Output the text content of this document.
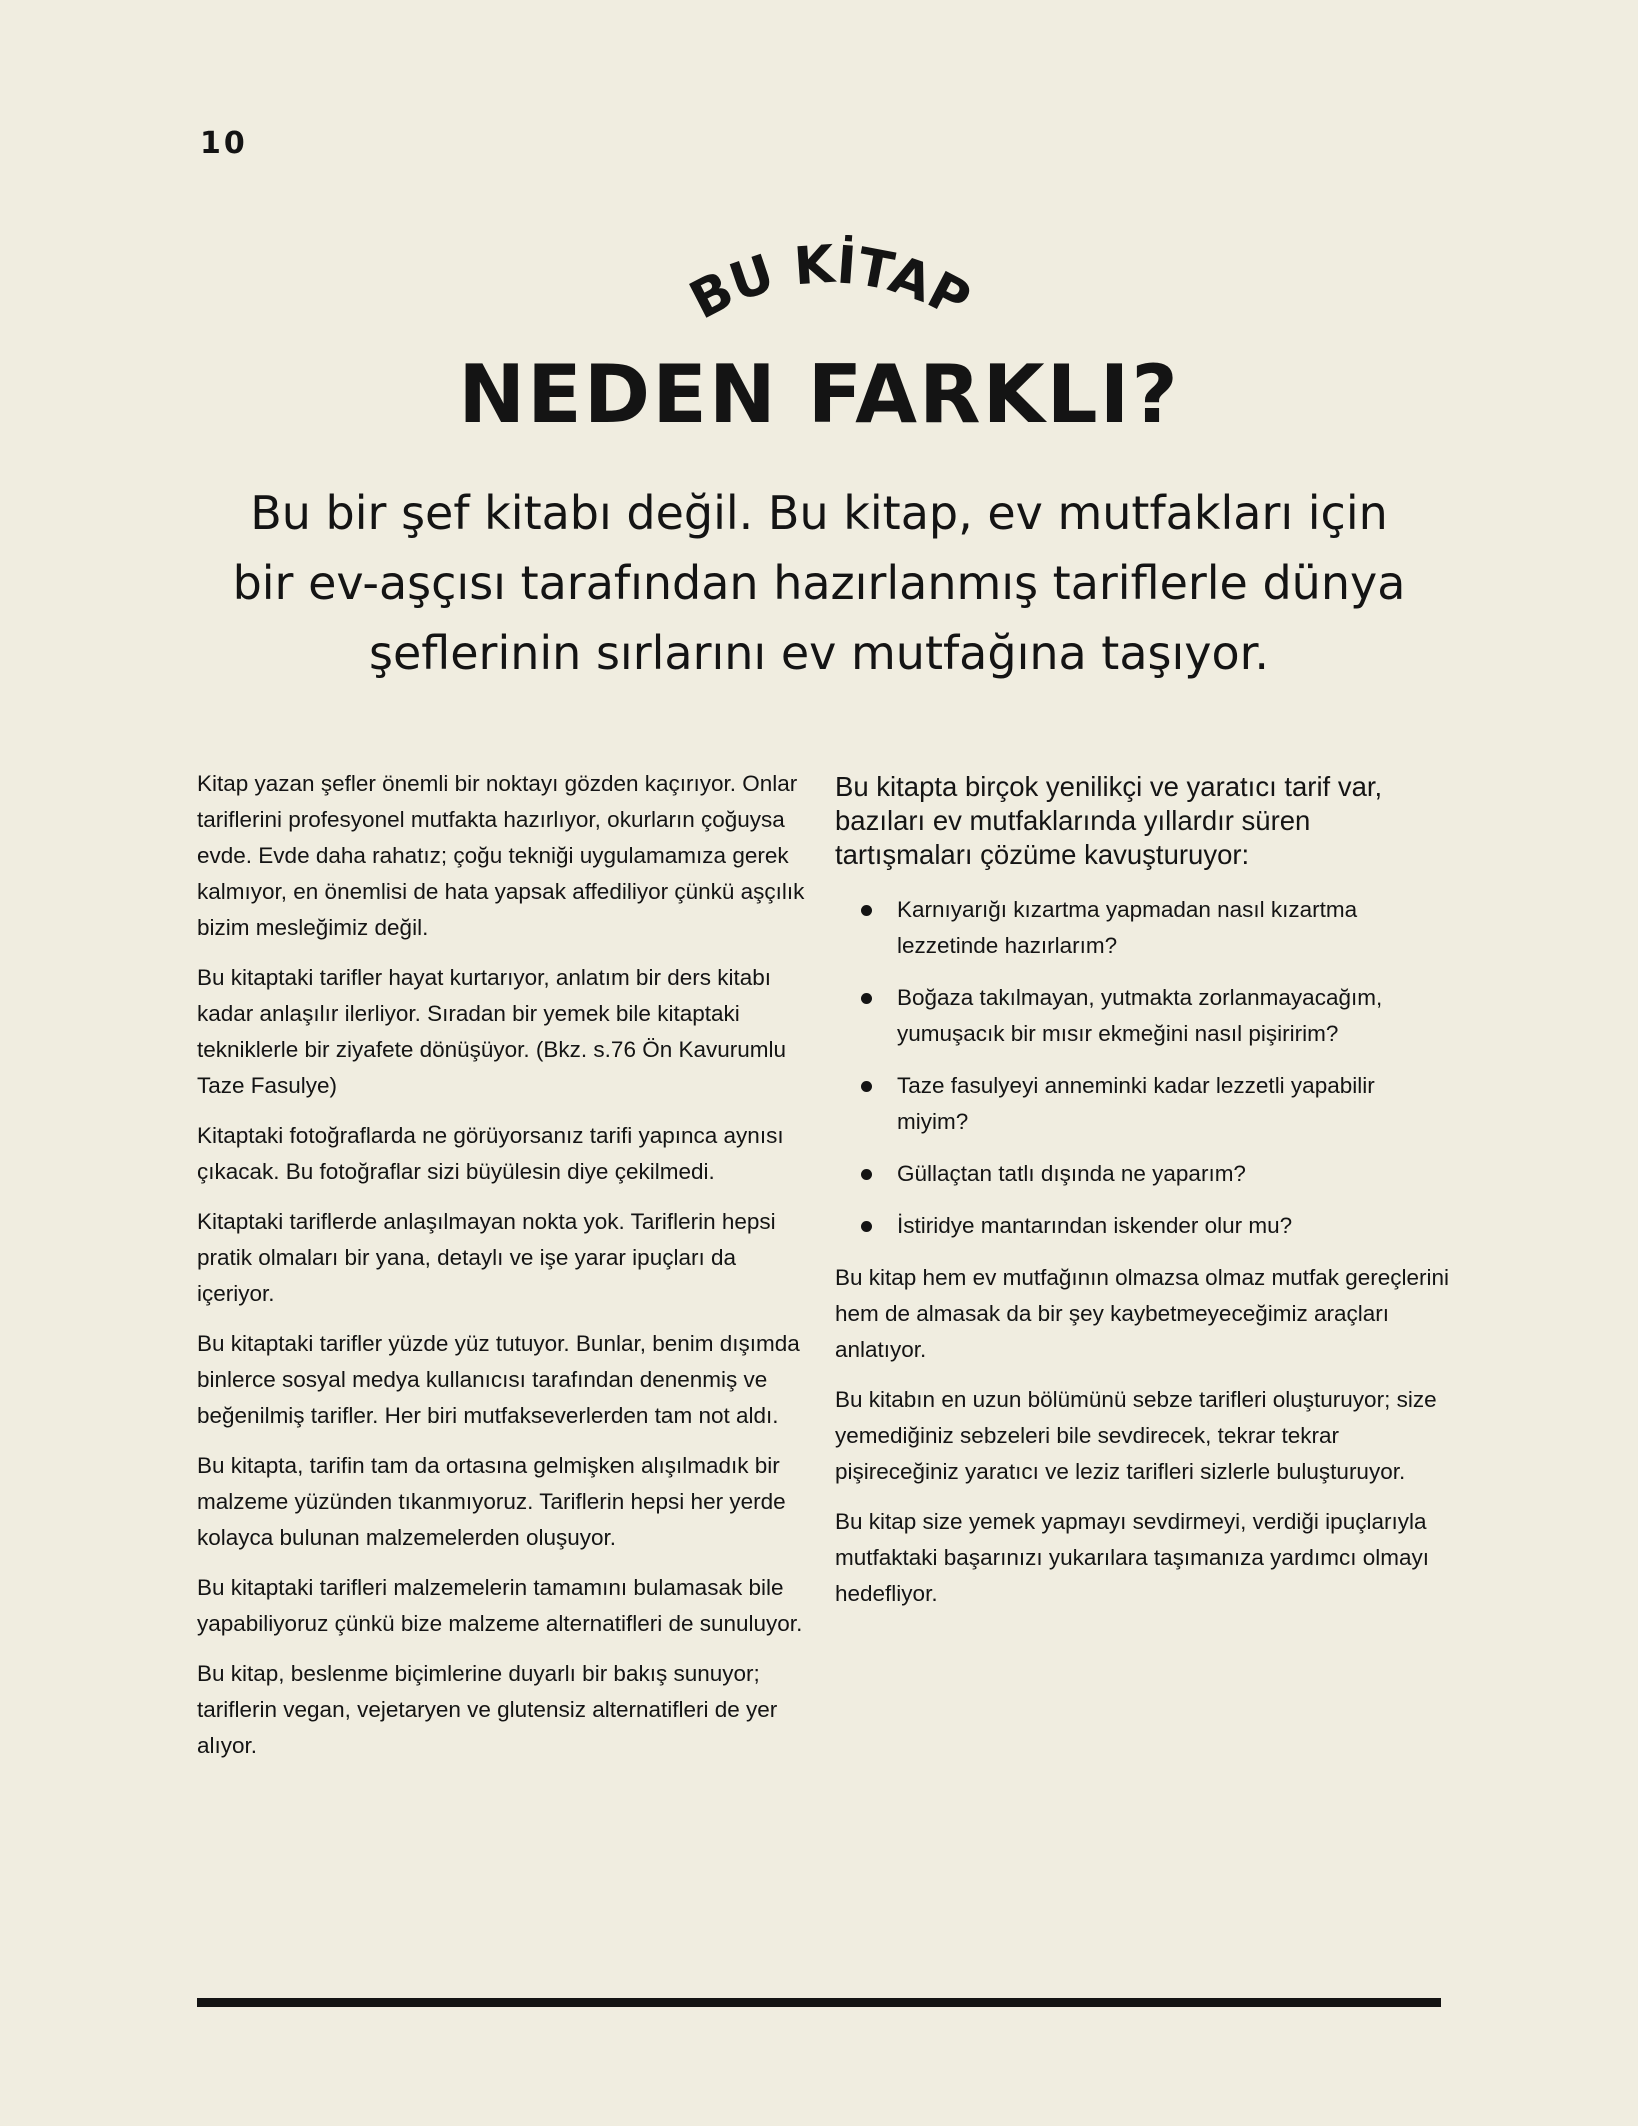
10
BU KİTAP
NEDEN FARKLI?

Bu bir şef kitabı değil. Bu kitap, ev mutfakları için
bir ev-aşçısı tarafından hazırlanmış tariflerle dünya
şeflerinin sırlarını ev mutfağına taşıyor.

Kitap yazan şefler önemli bir noktayı gözden kaçırıyor. Onlar tariflerini profesyonel mutfakta hazırlıyor, okurların çoğuysa evde. Evde daha rahatız; çoğu tekniği uygulamamıza gerek kalmıyor, en önemlisi de hata yapsak affediliyor çünkü aşçılık bizim mesleğimiz değil.

Bu kitaptaki tarifler hayat kurtarıyor, anlatım bir ders kitabı kadar anlaşılır ilerliyor. Sıradan bir yemek bile kitaptaki tekniklerle bir ziyafete dönüşüyor. (Bkz. s.76 Ön Kavurumlu Taze Fasulye)

Kitaptaki fotoğraflarda ne görüyorsanız tarifi yapınca aynısı çıkacak. Bu fotoğraflar sizi büyülesin diye çekilmedi.

Kitaptaki tariflerde anlaşılmayan nokta yok. Tariflerin hepsi pratik olmaları bir yana, detaylı ve işe yarar ipuçları da içeriyor.

Bu kitaptaki tarifler yüzde yüz tutuyor. Bunlar, benim dışımda binlerce sosyal medya kullanıcısı tarafından denenmiş ve beğenilmiş tarifler. Her biri mutfakseverlerden tam not aldı.

Bu kitapta, tarifin tam da ortasına gelmişken alışılmadık bir malzeme yüzünden tıkanmıyoruz. Tariflerin hepsi her yerde kolayca bulunan malzemelerden oluşuyor.

Bu kitaptaki tarifleri malzemelerin tamamını bulamasak bile yapabiliyoruz çünkü bize malzeme alternatifleri de sunuluyor.

Bu kitap, beslenme biçimlerine duyarlı bir bakış sunuyor; tariflerin vegan, vejetaryen ve glutensiz alternatifleri de yer alıyor.

Bu kitapta birçok yenilikçi ve yaratıcı tarif var, bazıları ev mutfaklarında yıllardır süren tartışmaları çözüme kavuşturuyor:

Karnıyarığı kızartma yapmadan nasıl kızartma lezzetinde hazırlarım?
Boğaza takılmayan, yutmakta zorlanmayacağım, yumuşacık bir mısır ekmeğini nasıl pişiririm?
Taze fasulyeyi anneminki kadar lezzetli yapabilir miyim?
Güllaçtan tatlı dışında ne yaparım?
İstiridye mantarından iskender olur mu?

Bu kitap hem ev mutfağının olmazsa olmaz mutfak gereçlerini hem de almasak da bir şey kaybetmeyeceğimiz araçları anlatıyor.

Bu kitabın en uzun bölümünü sebze tarifleri oluşturuyor; size yemediğiniz sebzeleri bile sevdirecek, tekrar tekrar pişireceğiniz yaratıcı ve leziz tarifleri sizlerle buluşturuyor.

Bu kitap size yemek yapmayı sevdirmeyi, verdiği ipuçlarıyla mutfaktaki başarınızı yukarılara taşımanıza yardımcı olmayı hedefliyor.
